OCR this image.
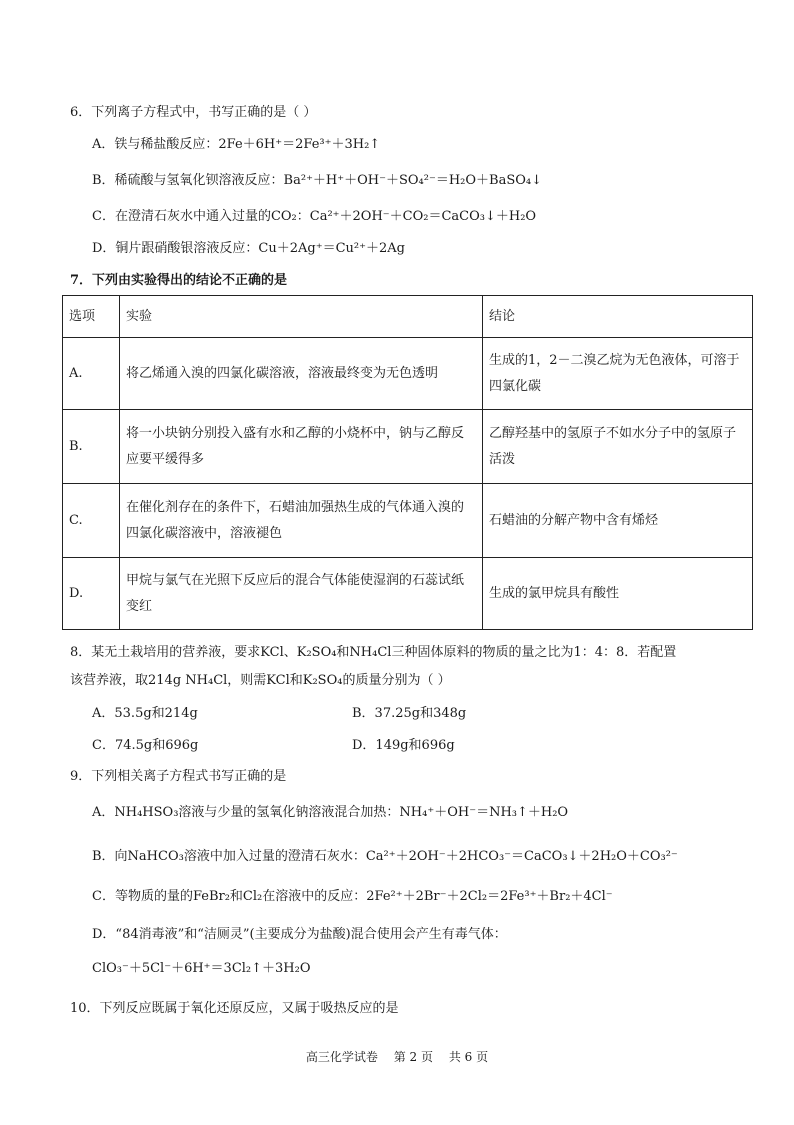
6．下列离子方程式中，书写正确的是（ ）
A．铁与稀盐酸反应：2Fe＋6H⁺＝2Fe³⁺＋3H₂↑
B．稀硫酸与氢氧化钡溶液反应：Ba²⁺＋H⁺＋OH⁻＋SO₄²⁻＝H₂O＋BaSO₄↓
C．在澄清石灰水中通入过量的CO₂：Ca²⁺＋2OH⁻＋CO₂＝CaCO₃↓＋H₂O
D．铜片跟硝酸银溶液反应：Cu＋2Ag⁺＝Cu²⁺＋2Ag
7．下列由实验得出的结论不正确的是
选项	实验	结论
A.	将乙烯通入溴的四氯化碳溶液，溶液最终变为无色透明	生成的1，2－二溴乙烷为无色液体，可溶于四氯化碳
B.	将一小块钠分别投入盛有水和乙醇的小烧杯中，钠与乙醇反应要平缓得多	乙醇羟基中的氢原子不如水分子中的氢原子活泼
C.	在催化剂存在的条件下，石蜡油加强热生成的气体通入溴的四氯化碳溶液中，溶液褪色	石蜡油的分解产物中含有烯烃
D.	甲烷与氯气在光照下反应后的混合气体能使湿润的石蕊试纸变红	生成的氯甲烷具有酸性
8．某无土栽培用的营养液，要求KCl、K₂SO₄和NH₄Cl三种固体原料的物质的量之比为1：4：8．若配置
该营养液，取214g NH₄Cl，则需KCl和K₂SO₄的质量分别为（ ）
A．53.5g和214g	B．37.25g和348g
C．74.5g和696g	D．149g和696g
9．下列相关离子方程式书写正确的是
A．NH₄HSO₃溶液与少量的氢氧化钠溶液混合加热：NH₄⁺＋OH⁻＝NH₃↑＋H₂O
B．向NaHCO₃溶液中加入过量的澄清石灰水：Ca²⁺＋2OH⁻＋2HCO₃⁻＝CaCO₃↓＋2H₂O＋CO₃²⁻
C．等物质的量的FeBr₂和Cl₂在溶液中的反应：2Fe²⁺＋2Br⁻＋2Cl₂＝2Fe³⁺＋Br₂＋4Cl⁻
D．“84消毒液”和“洁厕灵”(主要成分为盐酸)混合使用会产生有毒气体：
ClO₃⁻＋5Cl⁻＋6H⁺＝3Cl₂↑＋3H₂O
10．下列反应既属于氧化还原反应，又属于吸热反应的是
高三化学试卷 第 2 页 共 6 页
